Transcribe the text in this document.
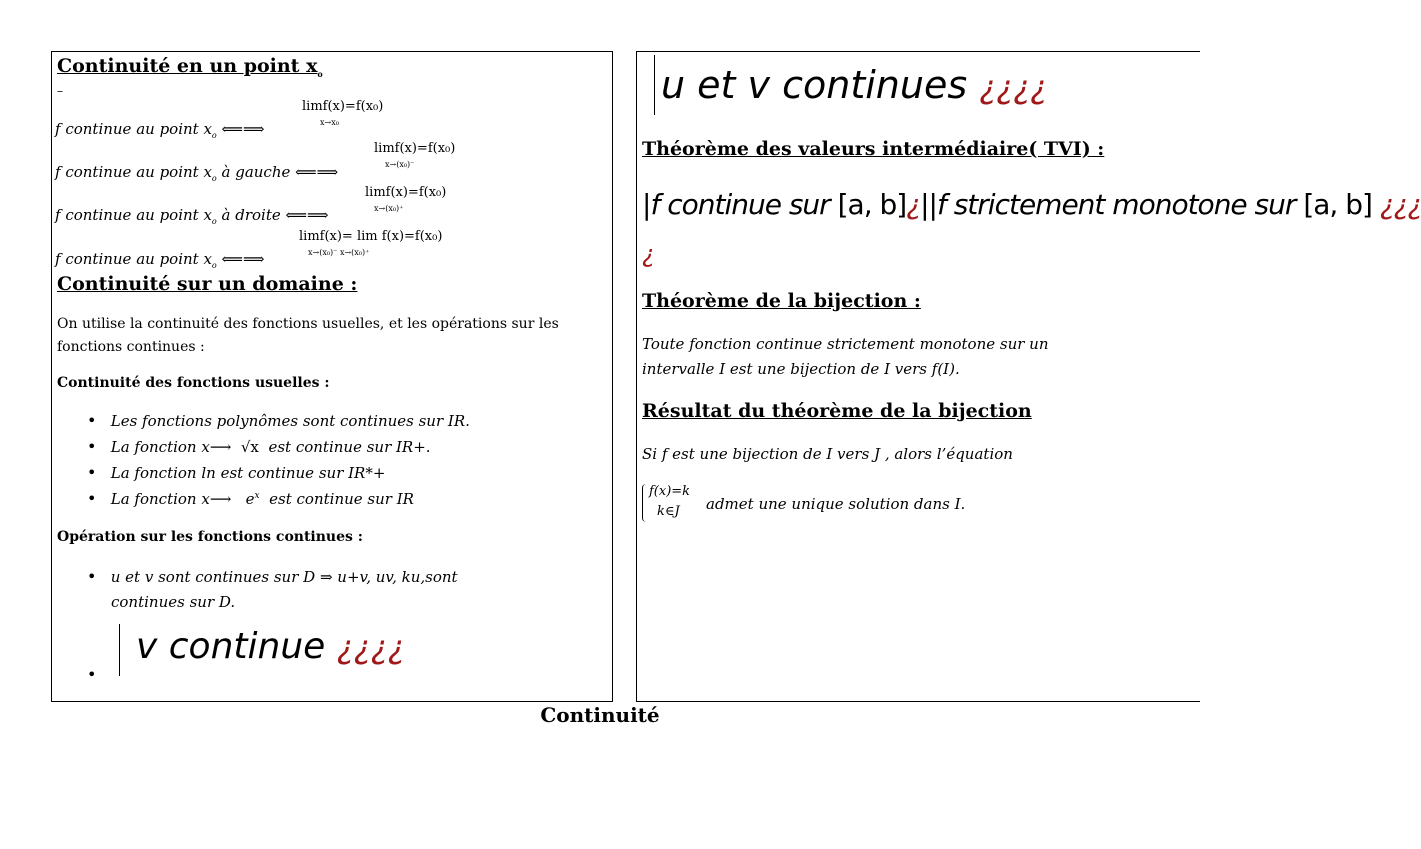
Continuité en un point $x_o$
–
limf(x)=f(x₀)
x→x₀
f continue au point $x_o$ ⟸⟹
limf(x)=f(x₀)
x→(x₀)⁻
f continue au point $x_o$ à gauche ⟸⟹
limf(x)=f(x₀)
x→(x₀)⁺
f continue au point $x_o$ à droite ⟸⟹
limf(x)= lim f(x)=f(x₀)
x→(x₀)⁻ x→(x₀)⁺
f continue au point $x_o$ ⟸⟹
Continuité sur un domaine :
On utilise la continuité des fonctions usuelles, et les opérations sur les
fonctions continues :
Continuité des fonctions usuelles :
• Les fonctions polynômes sont continues sur IR.
• La fonction x⟶ √x est continue sur IR+.
• La fonction ln est continue sur IR*+
• La fonction x⟶ $e^x$ est continue sur IR
Opération sur les fonctions continues :
• u et v sont continues sur D ⇒ u+v, uv, ku,sont
continues sur D.
•
v continue ¿¿¿¿
u et v continues ¿¿¿¿
Théorème des valeurs intermédiaire( TVI) :
|f continue sur [a, b]¿||f strictement monotone sur [a, b] ¿¿¿
¿
Théorème de la bijection :
Toute fonction continue strictement monotone sur un
intervalle I est une bijection de I vers f(I).
Résultat du théorème de la bijection
Si f est une bijection de I vers J , alors l’équation
f(x)=k
k∈J admet une unique solution dans I.
Continuité
